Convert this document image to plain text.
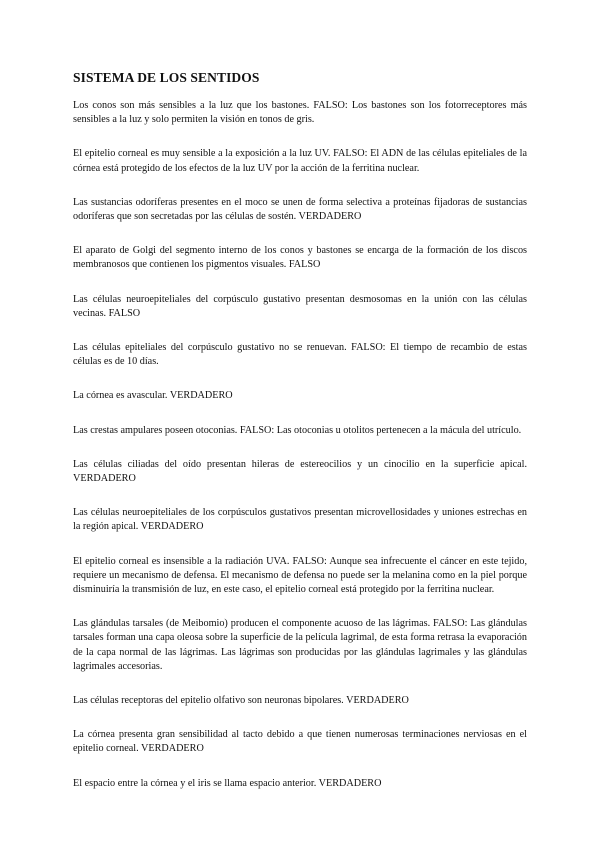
SISTEMA DE LOS SENTIDOS

Los conos son más sensibles a la luz que los bastones. FALSO: Los bastones son los fotorreceptores más sensibles a la luz y solo permiten la visión en tonos de gris.

El epitelio corneal es muy sensible a la exposición a la luz UV. FALSO: El ADN de las células epiteliales de la córnea está protegido de los efectos de la luz UV por la acción de la ferritina nuclear.

Las sustancias odoríferas presentes en el moco se unen de forma selectiva a proteínas fijadoras de sustancias odoríferas que son secretadas por las células de sostén. VERDADERO

El aparato de Golgi del segmento interno de los conos y bastones se encarga de la formación de los discos membranosos que contienen los pigmentos visuales. FALSO

Las células neuroepiteliales del corpúsculo gustativo presentan desmosomas en la unión con las células vecinas. FALSO

Las células epiteliales del corpúsculo gustativo no se renuevan. FALSO: El tiempo de recambio de estas células es de 10 días.

La córnea es avascular. VERDADERO

Las crestas ampulares poseen otoconias. FALSO: Las otoconias u otolitos pertenecen a la mácula del utrículo.

Las células ciliadas del oído presentan hileras de estereocilios y un cinocilio en la superficie apical. VERDADERO

Las células neuroepiteliales de los corpúsculos gustativos presentan microvellosidades y uniones estrechas en la región apical. VERDADERO

El epitelio corneal es insensible a la radiación UVA. FALSO: Aunque sea infrecuente el cáncer en este tejido, requiere un mecanismo de defensa. El mecanismo de defensa no puede ser la melanina como en la piel porque disminuiría la transmisión de luz, en este caso, el epitelio corneal está protegido por la ferritina nuclear.

Las glándulas tarsales (de Meibomio) producen el componente acuoso de las lágrimas. FALSO: Las glándulas tarsales forman una capa oleosa sobre la superficie de la película lagrimal, de esta forma retrasa la evaporación de la capa normal de las lágrimas. Las lágrimas son producidas por las glándulas lagrimales y las glándulas lagrimales accesorias.

Las células receptoras del epitelio olfativo son neuronas bipolares. VERDADERO

La córnea presenta gran sensibilidad al tacto debido a que tienen numerosas terminaciones nerviosas en el epitelio corneal. VERDADERO

El espacio entre la córnea y el iris se llama espacio anterior. VERDADERO
